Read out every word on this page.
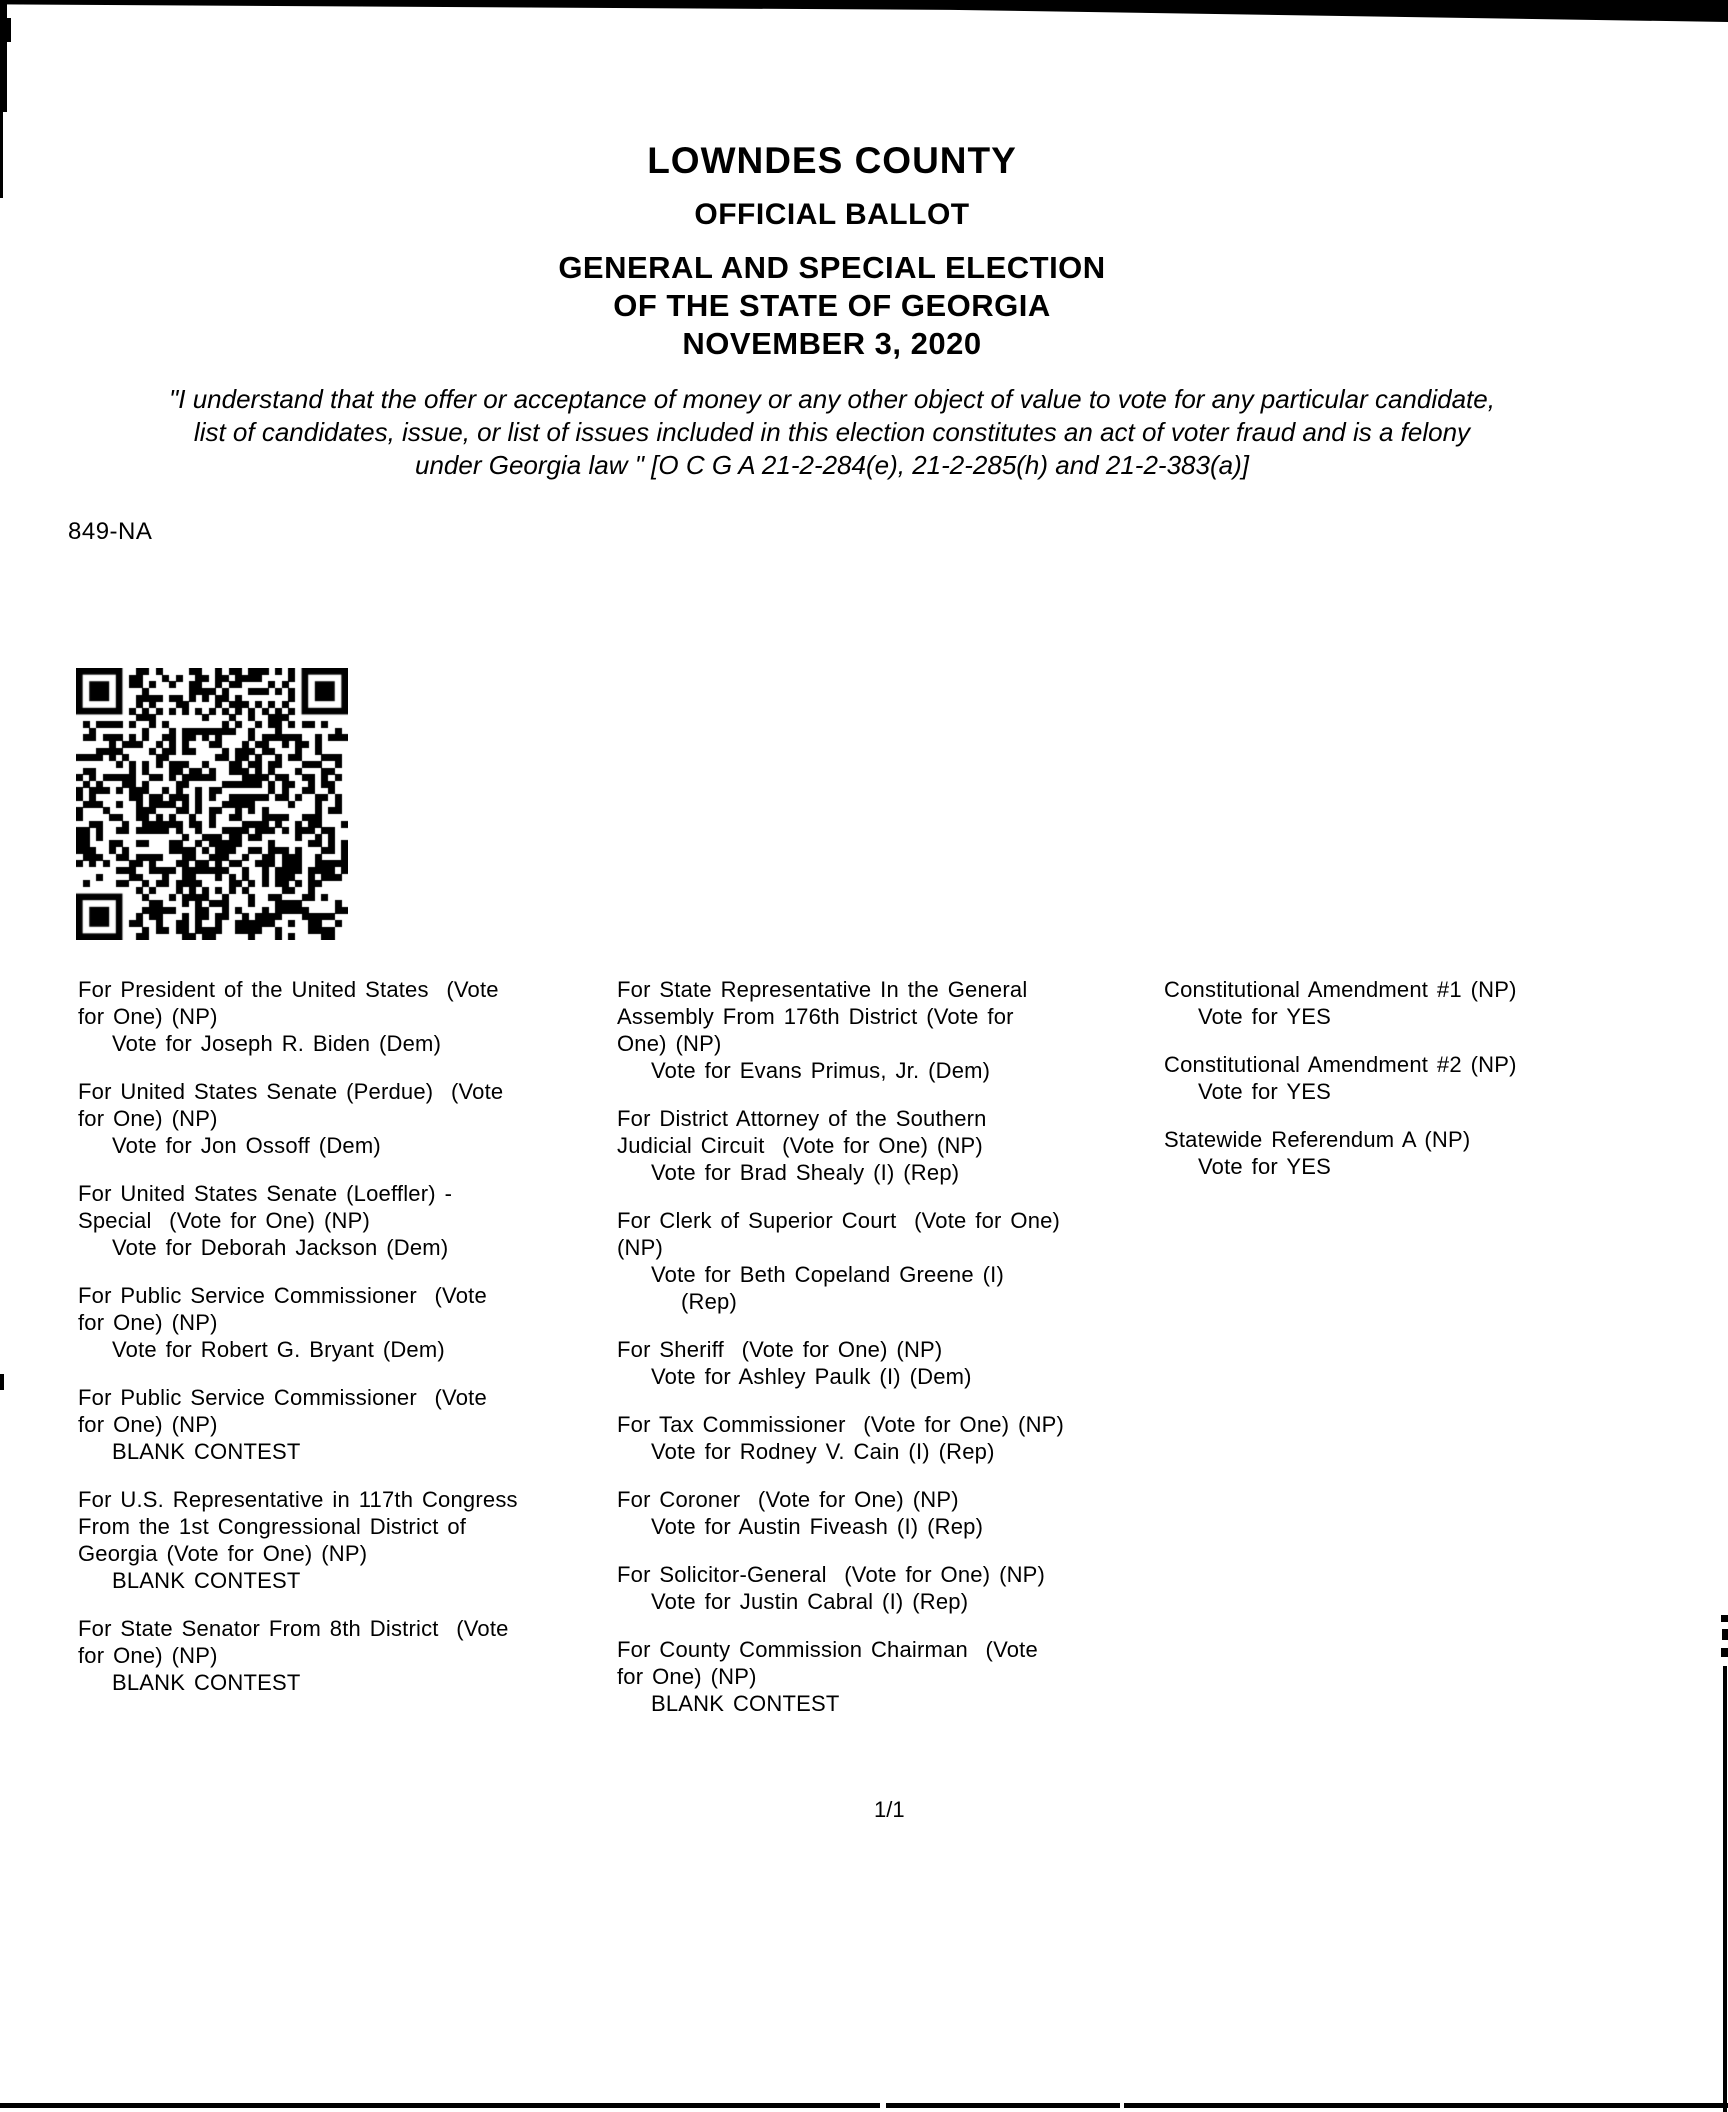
LOWNDES COUNTY
OFFICIAL BALLOT
GENERAL AND SPECIAL ELECTION
OF THE STATE OF GEORGIA
NOVEMBER 3, 2020
"I understand that the offer or acceptance of money or any other object of value to vote for any particular candidate,
list of candidates, issue, or list of issues included in this election constitutes an act of voter fraud and is a felony
under Georgia law " [O C G A 21-2-284(e), 21-2-285(h) and 21-2-383(a)]
849-NA
For President of the United States  (Vote
for One) (NP)
Vote for Joseph R. Biden (Dem)
For United States Senate (Perdue)  (Vote
for One) (NP)
Vote for Jon Ossoff (Dem)
For United States Senate (Loeffler) -
Special  (Vote for One) (NP)
Vote for Deborah Jackson (Dem)
For Public Service Commissioner  (Vote
for One) (NP)
Vote for Robert G. Bryant (Dem)
For Public Service Commissioner  (Vote
for One) (NP)
BLANK CONTEST
For U.S. Representative in 117th Congress
From the 1st Congressional District of
Georgia (Vote for One) (NP)
BLANK CONTEST
For State Senator From 8th District  (Vote
for One) (NP)
BLANK CONTEST
For State Representative In the General
Assembly From 176th District (Vote for
One) (NP)
Vote for Evans Primus, Jr. (Dem)
For District Attorney of the Southern
Judicial Circuit  (Vote for One) (NP)
Vote for Brad Shealy (I) (Rep)
For Clerk of Superior Court  (Vote for One)
(NP)
Vote for Beth Copeland Greene (I)
(Rep)
For Sheriff  (Vote for One) (NP)
Vote for Ashley Paulk (I) (Dem)
For Tax Commissioner  (Vote for One) (NP)
Vote for Rodney V. Cain (I) (Rep)
For Coroner  (Vote for One) (NP)
Vote for Austin Fiveash (I) (Rep)
For Solicitor-General  (Vote for One) (NP)
Vote for Justin Cabral (I) (Rep)
For County Commission Chairman  (Vote
for One) (NP)
BLANK CONTEST
Constitutional Amendment #1 (NP)
Vote for YES
Constitutional Amendment #2 (NP)
Vote for YES
Statewide Referendum A (NP)
Vote for YES
1/1
